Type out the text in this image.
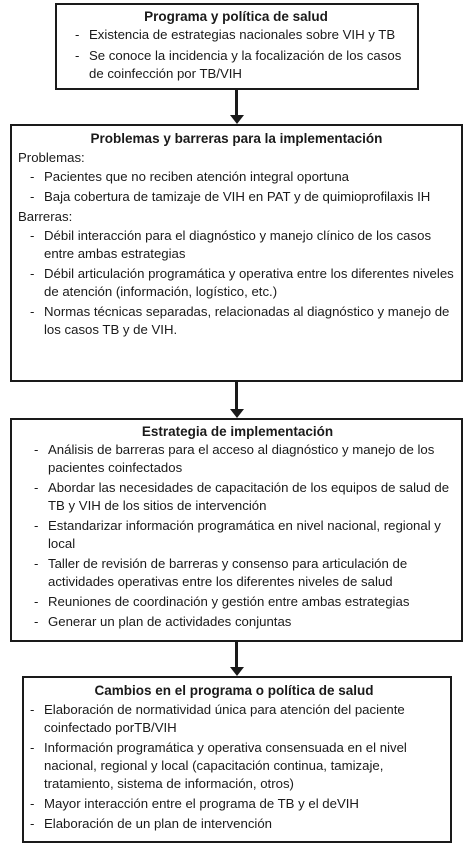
Programa y política de salud
- Existencia de estrategias nacionales sobre VIH y TB
- Se conoce la incidencia y la focalización de los casos de coinfección por TB/VIH
Problemas y barreras para la implementación
Problemas:
- Pacientes que no reciben atención integral oportuna
- Baja cobertura de tamizaje de VIH en PAT y de quimioprofilaxis IH
Barreras:
- Débil interacción para el diagnóstico y manejo clínico de los casos entre ambas estrategias
- Débil articulación programática y operativa entre los diferentes niveles de atención (información, logístico, etc.)
- Normas técnicas separadas, relacionadas al diagnóstico y manejo de los casos TB y de VIH.
Estrategia de implementación
- Análisis de barreras para el acceso al diagnóstico y manejo de los pacientes coinfectados
- Abordar las necesidades de capacitación de los equipos de salud de TB y VIH de los sitios de intervención
- Estandarizar información programática en nivel nacional, regional y local
- Taller de revisión de barreras y consenso para articulación de actividades operativas entre los diferentes niveles de salud
- Reuniones de coordinación y gestión entre ambas estrategias
- Generar un plan de actividades conjuntas
Cambios en el programa o política de salud
- Elaboración de normatividad única para atención del paciente coinfectado porTB/VIH
- Información programática y operativa consensuada en el nivel nacional, regional y local (capacitación continua, tamizaje, tratamiento, sistema de información, otros)
- Mayor interacción entre el programa de TB y el deVIH
- Elaboración de un plan de intervención
